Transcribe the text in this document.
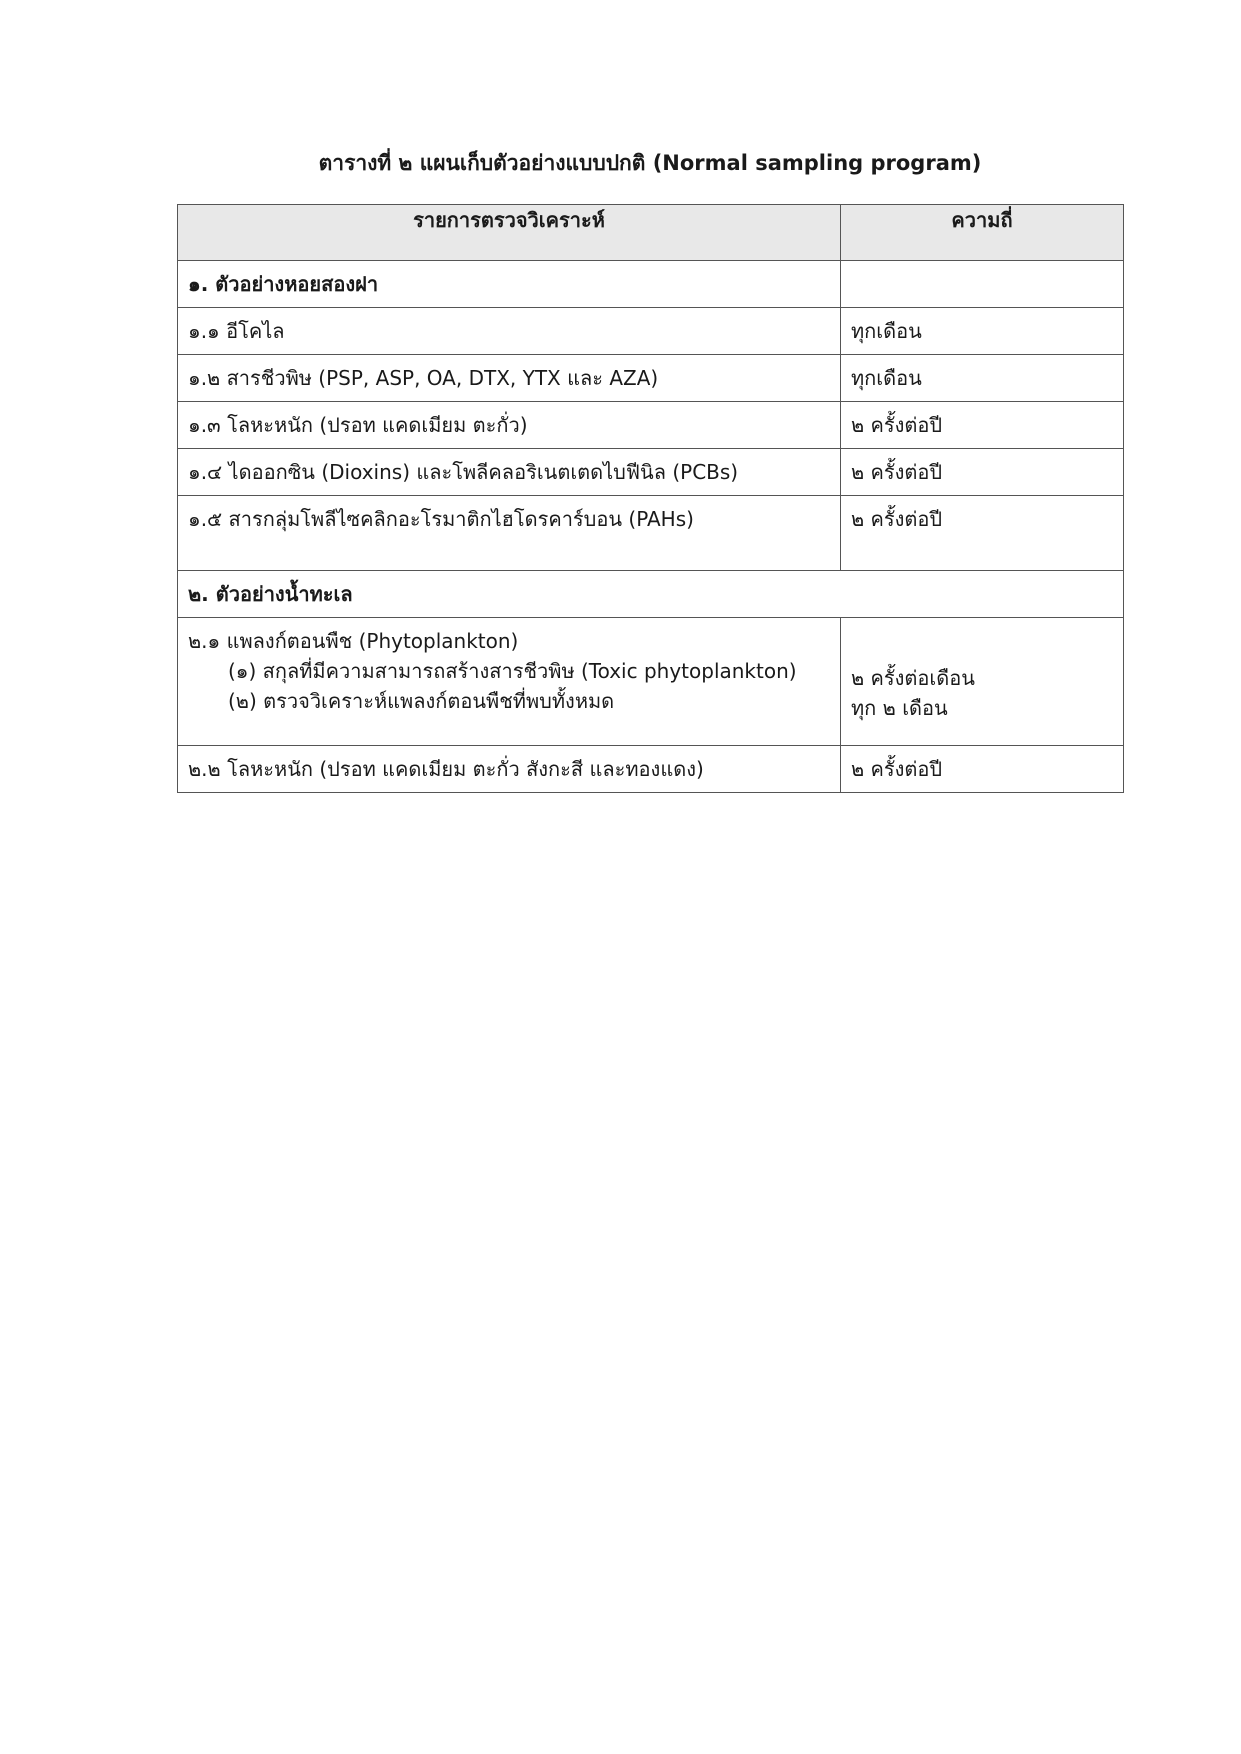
ตารางที่ ๒ แผนเก็บตัวอย่างแบบปกติ (Normal sampling program)
รายการตรวจวิเคราะห์	ความถี่
๑. ตัวอย่างหอยสองฝา	
๑.๑ อีโคไล	ทุกเดือน
๑.๒ สารชีวพิษ (PSP, ASP, OA, DTX, YTX และ AZA)	ทุกเดือน
๑.๓ โลหะหนัก (ปรอท แคดเมียม ตะกั่ว)	๒ ครั้งต่อปี
๑.๔ ไดออกซิน (Dioxins) และโพลีคลอริเนตเตดไบฟีนิล (PCBs)	๒ ครั้งต่อปี
๑.๕ สารกลุ่มโพลีไซคลิกอะโรมาติกไฮโดรคาร์บอน (PAHs)	๒ ครั้งต่อปี
๒. ตัวอย่างน้ำทะเล	

๒.๑ แพลงก์ตอนพืช (Phytoplankton)
(๑) สกุลที่มีความสามารถสร้างสารชีวพิษ (Toxic phytoplankton)
(๒) ตรวจวิเคราะห์แพลงก์ตอนพืชที่พบทั้งหมด	๒ ครั้งต่อเดือน
ทุก ๒ เดือน

๒.๒ โลหะหนัก (ปรอท แคดเมียม ตะกั่ว สังกะสี และทองแดง)	๒ ครั้งต่อปี
